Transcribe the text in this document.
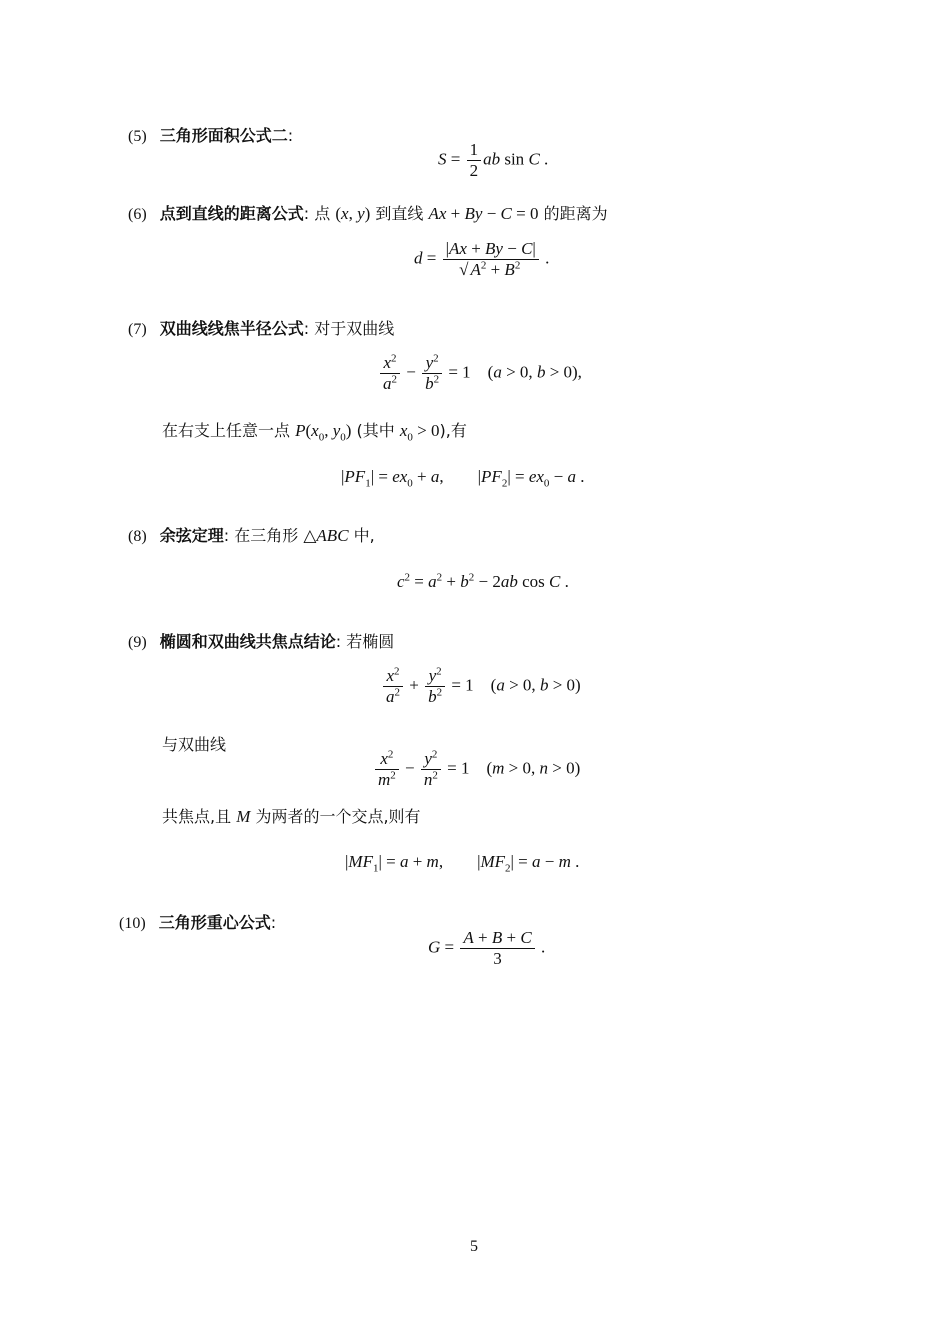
(5) 三角形面积公式二:
$S = \frac{1}{2}$ ab sin C .
(6) 点到直线的距离公式: 点 (x, y) 到直线 Ax + By − C = 0 的距离为
$d = \frac{|Ax + By - C|}{√ A^2 + B^2}$ .
(7) 双曲线线焦半径公式: 对于双曲线
$\frac{x^2}{a^2} - \frac{y^2}{b^2} = 1$    (a > 0, b > 0),
在右支上任意一点 $P(x_0$, $y_0$) (其中 $x_0 > 0$),有
$|PF_1| = ex_0 + a$,        $|PF_2| = ex_0 - a$ .
(8) 余弦定理: 在三角形 △ABC 中,
$c^2 = a^2 + b^2 - 2ab$ cos C .
(9) 椭圆和双曲线共焦点结论: 若椭圆
$\frac{x^2}{a^2} + \frac{y^2}{b^2} = 1$    (a > 0, b > 0)
与双曲线
$\frac{x^2}{m^2} - \frac{y^2}{n^2} = 1$    (m > 0, n > 0)
共焦点,且 M 为两者的一个交点,则有
$|MF_1| = a + m$,        $|MF_2| = a - m$ .
(10) 三角形重心公式:
$G = \frac{A + B + C}{3}$ .
5
